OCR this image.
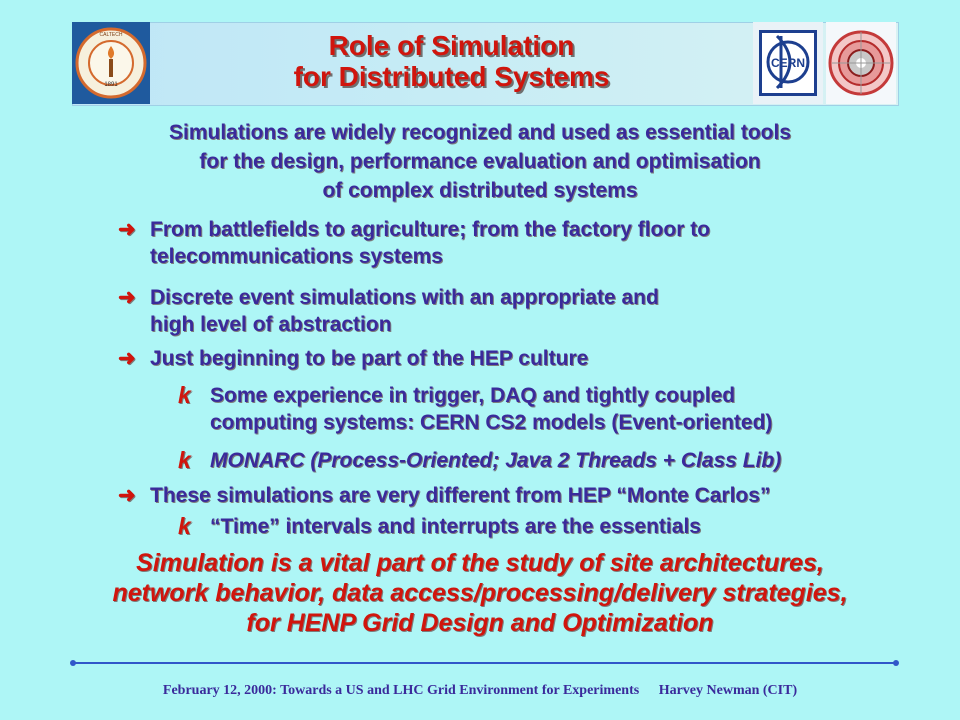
1891
CALTECH
CERN
Role of Simulation
for Distributed Systems
Simulations are widely recognized and used as essential tools
for the design, performance evaluation and optimisation
of complex distributed systems
➜ From battlefields to agriculture; from the factory floor to
telecommunications systems
➜ Discrete event simulations with an appropriate and
high level of abstraction
➜ Just beginning to be part of the HEP culture
k Some experience in trigger, DAQ and tightly coupled
computing systems: CERN CS2 models (Event-oriented)
k MONARC (Process-Oriented; Java 2 Threads + Class Lib)
➜ These simulations are very different from HEP “Monte Carlos”
k “Time” intervals and interrupts are the essentials
Simulation is a vital part of the study of site architectures,
network behavior, data access/processing/delivery strategies,
for HENP Grid Design and Optimization
February 12, 2000: Towards a US and LHC Grid Environment for Experiments Harvey Newman (CIT)
